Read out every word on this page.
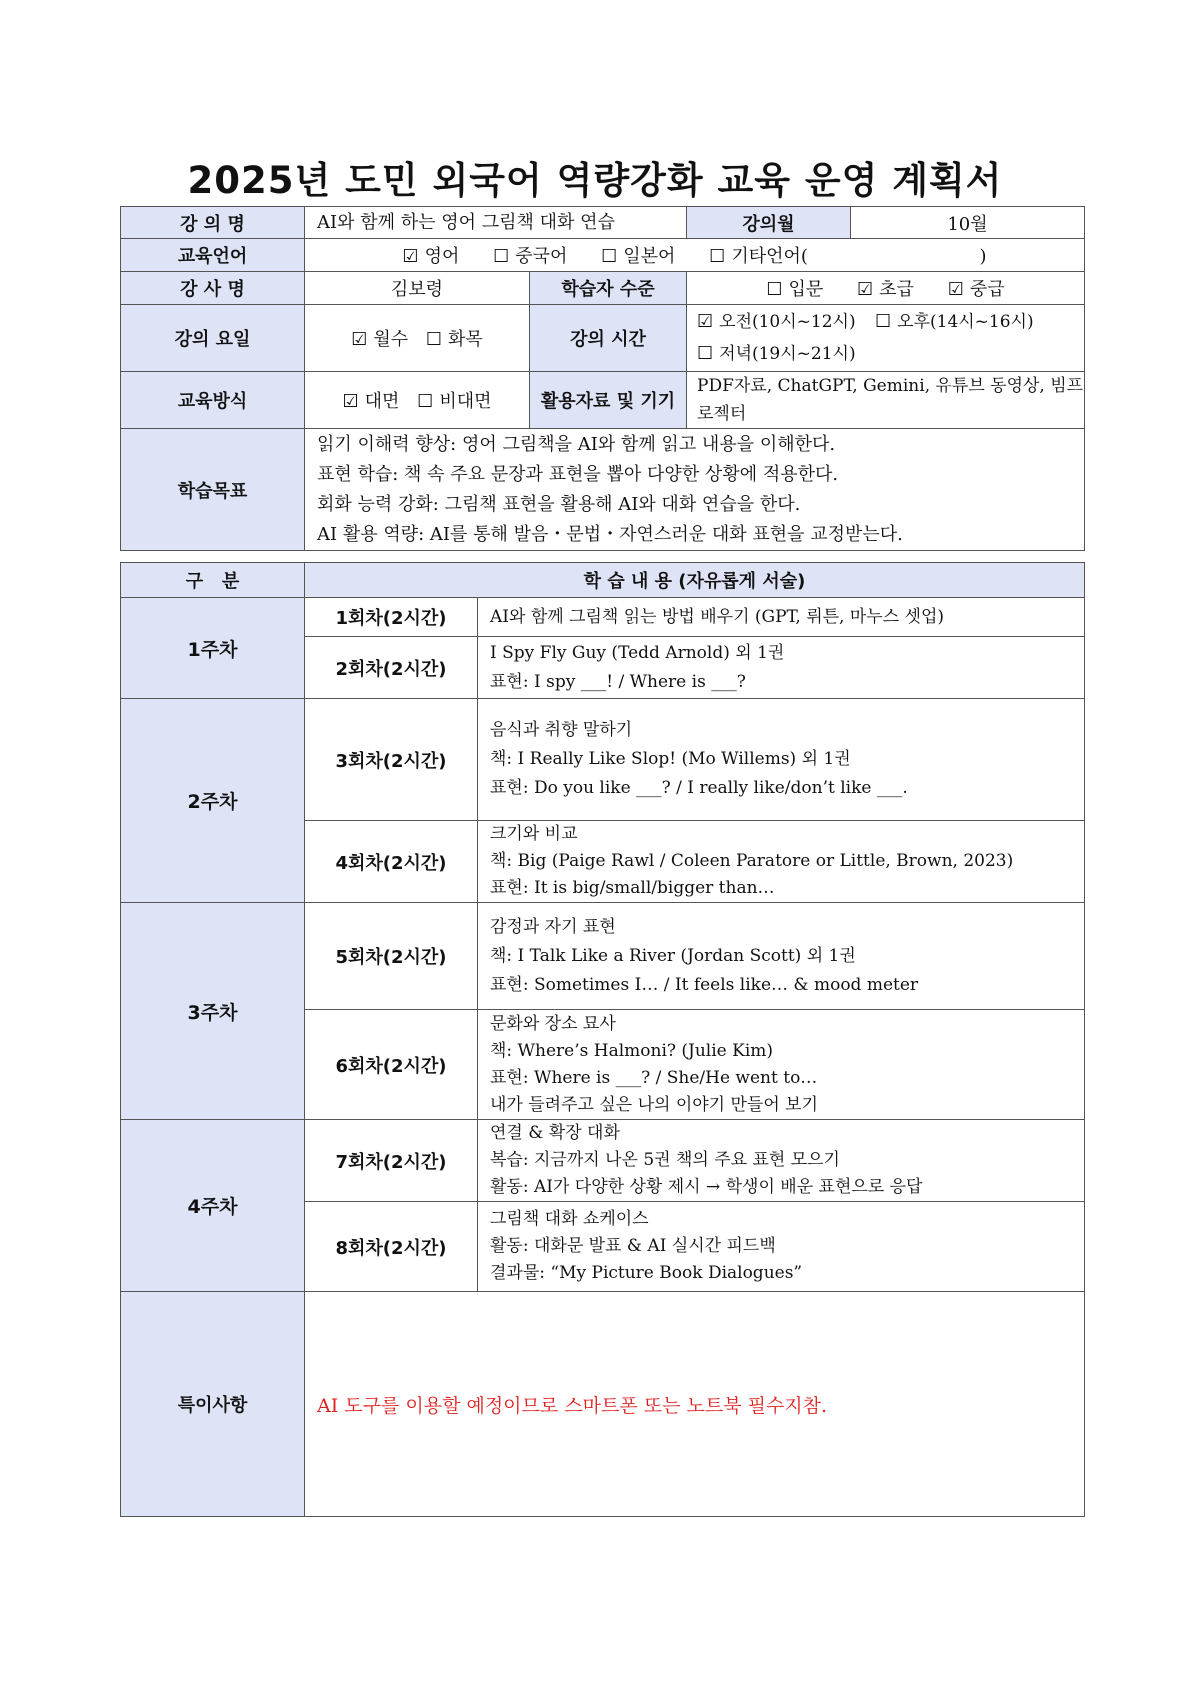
2025년 도민 외국어 역량강화 교육 운영 계획서
강 의 명	AI와 함께 하는 영어 그림책 대화 연습		강의월	10월
교육언어	☑ 영어 ☐ 중국어 ☐ 일본어 ☐ 기타언어(                              )			
강 사 명	김보령	학습자 수준	☐ 입문 ☑ 초급 ☑ 중급	
강의 요일	☑ 월수 ☐ 화목	강의 시간	☑ 오전(10시~12시) ☐ 오후(14시~16시)
☐ 저녁(19시~21시)	
교육방식	☑ 대면 ☐ 비대면	활용자료 및 기기	PDF자료, ChatGPT, Gemini, 유튜브 동영상, 빔프
로젝터	

학습목표	읽기 이해력 향상: 영어 그림책을 AI와 함께 읽고 내용을 이해한다.
표현 학습: 책 속 주요 문장과 표현을 뽑아 다양한 상황에 적용한다.
회화 능력 강화: 그림책 표현을 활용해 AI와 대화 연습을 한다.
AI 활용 역량: AI를 통해 발음・문법・자연스러운 대화 표현을 교정받는다.			
구   분	학 습 내 용 (자유롭게 서술)	
1주차	1회차(2시간)	AI와 함께 그림책 읽는 방법 배우기 (GPT, 뤼튼, 마누스 셋업)

	2회차(2시간)	I Spy Fly Guy (Tedd Arnold) 외 1권
표현: I spy ___! / Where is ___?

2주차	3회차(2시간)	음식과 취향 말하기
책: I Really Like Slop! (Mo Willems) 외 1권
표현: Do you like ___? / I really like/don’t like ___.

	4회차(2시간)	크기와 비교
책: Big (Paige Rawl / Coleen Paratore or Little, Brown, 2023)
표현: It is big/small/bigger than…

3주차	5회차(2시간)	감정과 자기 표현
책: I Talk Like a River (Jordan Scott) 외 1권
표현: Sometimes I… / It feels like… & mood meter

	6회차(2시간)	문화와 장소 묘사
책: Where’s Halmoni? (Julie Kim)
표현: Where is ___? / She/He went to…
내가 들려주고 싶은 나의 이야기 만들어 보기

4주차	7회차(2시간)	연결 & 확장 대화
복습: 지금까지 나온 5권 책의 주요 표현 모으기
활동: AI가 다양한 상황 제시 → 학생이 배운 표현으로 응답

	8회차(2시간)	그림책 대화 쇼케이스
활동: 대화문 발표 & AI 실시간 피드백
결과물: “My Picture Book Dialogues”

특이사항	AI 도구를 이용할 예정이므로 스마트폰 또는 노트북 필수지참.	
